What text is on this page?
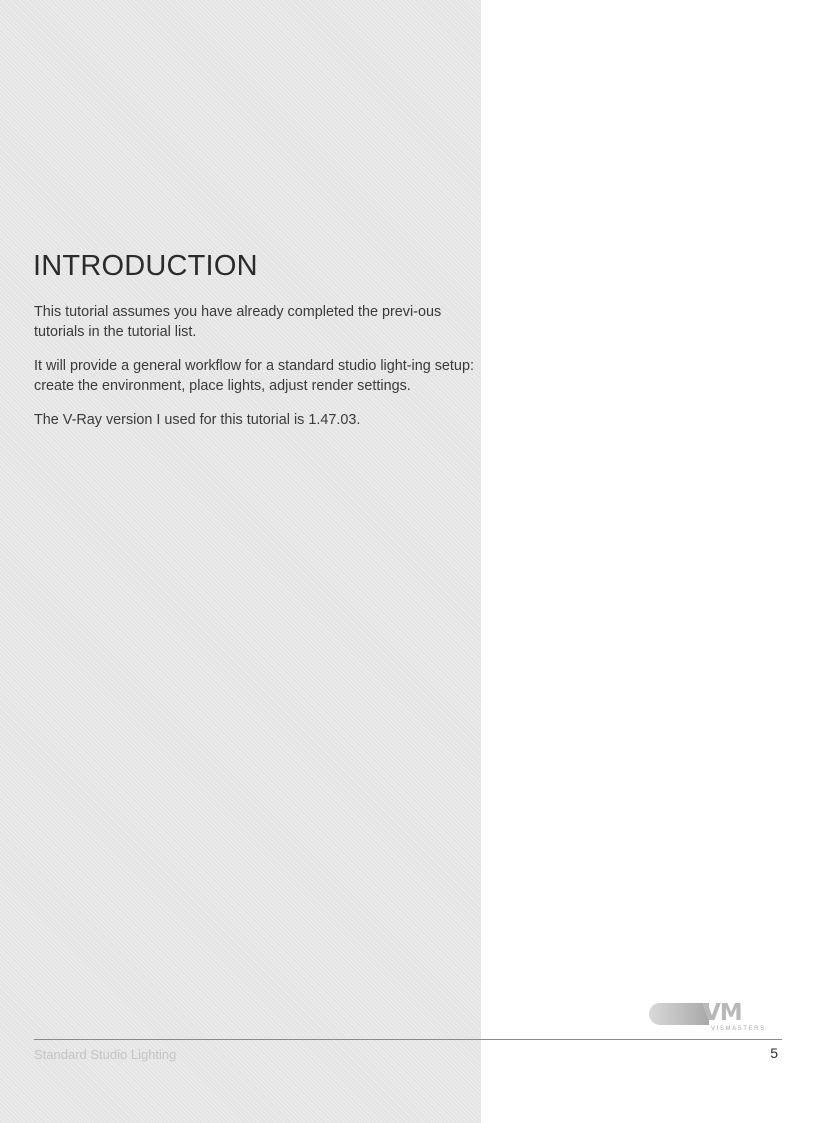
INTRODUCTION

This tutorial assumes you have already completed the previ-ous tutorials in the tutorial list.

It will provide a general workflow for a standard studio light-ing setup: create the environment, place lights, adjust render settings.

The V-Ray version I used for this tutorial is 1.47.03.

VM
VISMASTERS
Standard Studio Lighting	5
